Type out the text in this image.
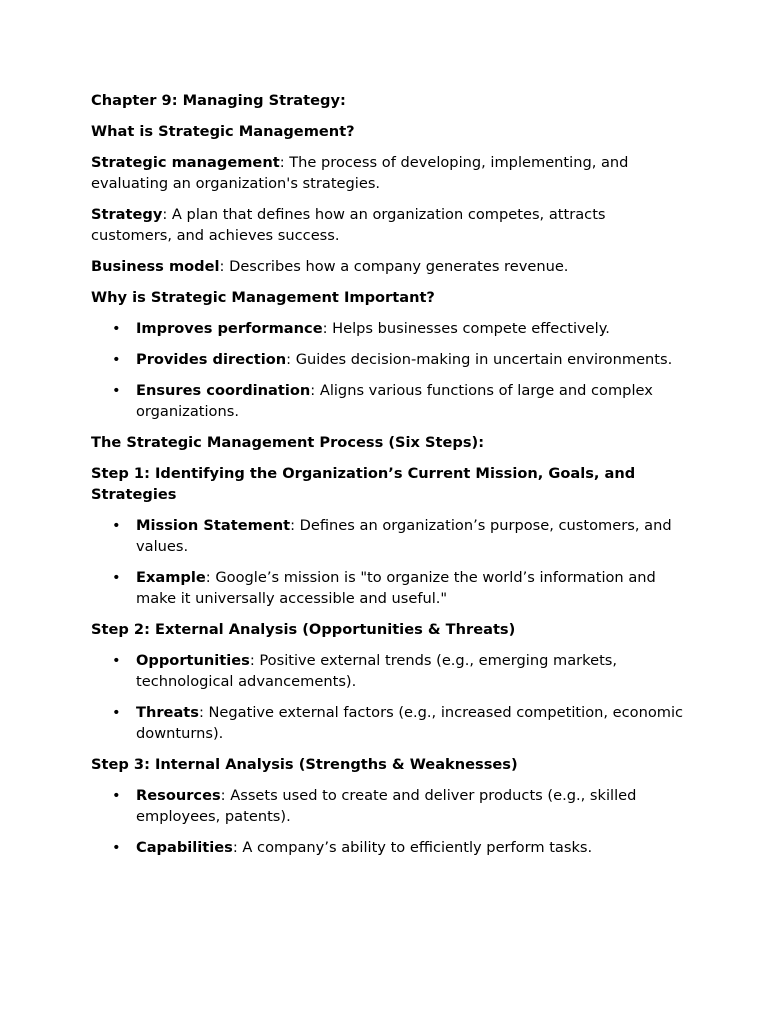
Chapter 9: Managing Strategy:

What is Strategic Management?

Strategic management: The process of developing, implementing, and evaluating an organization's strategies.

Strategy: A plan that defines how an organization competes, attracts customers, and achieves success.

Business model: Describes how a company generates revenue.

Why is Strategic Management Important?

• Improves performance: Helps businesses compete effectively.
• Provides direction: Guides decision-making in uncertain environments.
• Ensures coordination: Aligns various functions of large and complex organizations.

The Strategic Management Process (Six Steps):

Step 1: Identifying the Organization’s Current Mission, Goals, and Strategies

• Mission Statement: Defines an organization’s purpose, customers, and values.
• Example: Google’s mission is "to organize the world’s information and make it universally accessible and useful."

Step 2: External Analysis (Opportunities & Threats)

• Opportunities: Positive external trends (e.g., emerging markets, technological advancements).
• Threats: Negative external factors (e.g., increased competition, economic downturns).

Step 3: Internal Analysis (Strengths & Weaknesses)

• Resources: Assets used to create and deliver products (e.g., skilled employees, patents).
• Capabilities: A company’s ability to efficiently perform tasks.
